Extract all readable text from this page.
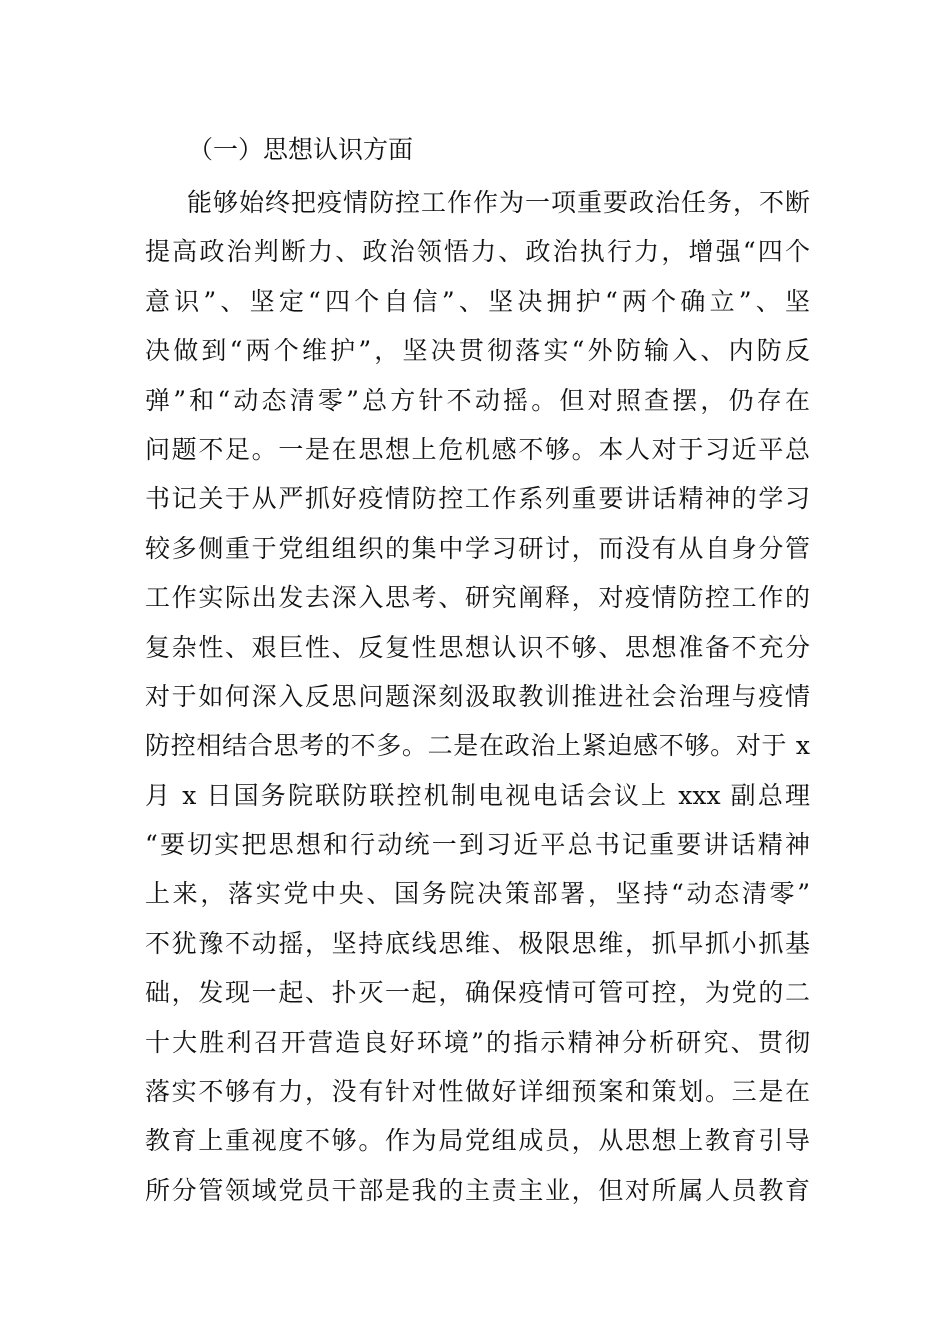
（一）思想认识方面
能够始终把疫情防控工作作为一项重要政治任务，不断
提高政治判断力、政治领悟力、政治执行力，增强“四个
意识”、坚定“四个自信”、坚决拥护“两个确立”、坚
决做到“两个维护”，坚决贯彻落实“外防输入、内防反
弹”和“动态清零”总方针不动摇。但对照查摆，仍存在
问题不足。一是在思想上危机感不够。本人对于习近平总
书记关于从严抓好疫情防控工作系列重要讲话精神的学习
较多侧重于党组组织的集中学习研讨，而没有从自身分管
工作实际出发去深入思考、研究阐释，对疫情防控工作的
复杂性、艰巨性、反复性思想认识不够、思想准备不充分
对于如何深入反思问题深刻汲取教训推进社会治理与疫情
防控相结合思考的不多。二是在政治上紧迫感不够。对于 x
月 x 日国务院联防联控机制电视电话会议上 xxx 副总理
“要切实把思想和行动统一到习近平总书记重要讲话精神
上来，落实党中央、国务院决策部署，坚持“动态清零”
不犹豫不动摇，坚持底线思维、极限思维，抓早抓小抓基
础，发现一起、扑灭一起，确保疫情可管可控，为党的二
十大胜利召开营造良好环境”的指示精神分析研究、贯彻
落实不够有力，没有针对性做好详细预案和策划。三是在
教育上重视度不够。作为局党组成员，从思想上教育引导
所分管领域党员干部是我的主责主业，但对所属人员教育
